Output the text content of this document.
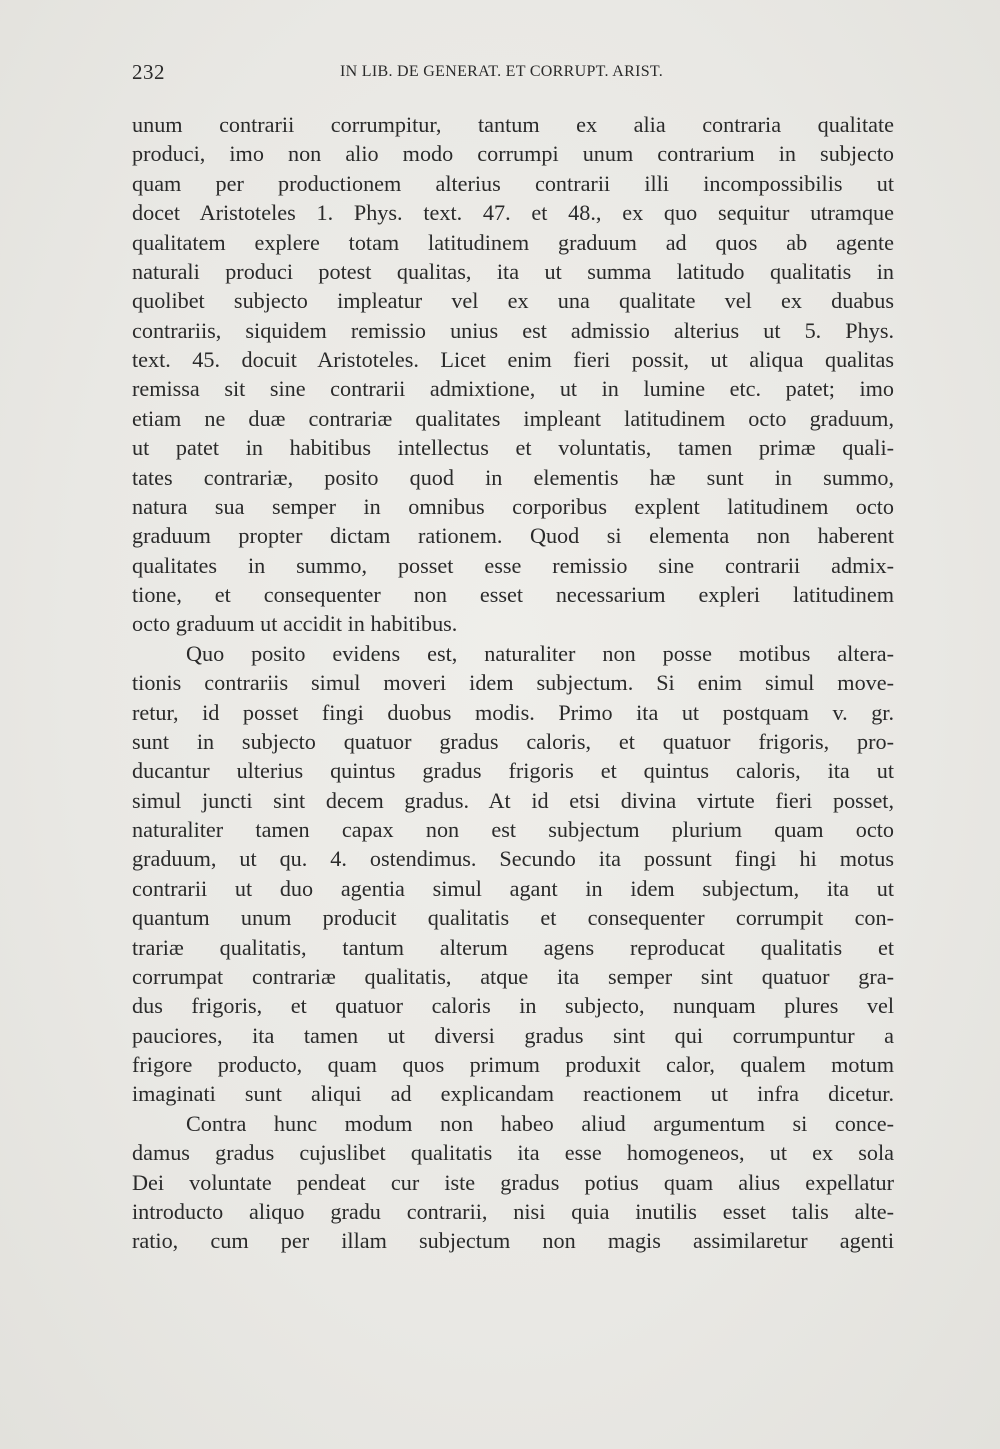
232	IN LIB. DE GENERAT. ET CORRUPT. ARIST.
unum contrarii corrumpitur, tantum ex alia contraria qualitate
produci, imo non alio modo corrumpi unum contrarium in subjecto
quam per productionem alterius contrarii illi incompossibilis ut
docet Aristoteles 1. Phys. text. 47. et 48., ex quo sequitur utramque
qualitatem explere totam latitudinem graduum ad quos ab agente
naturali produci potest qualitas, ita ut summa latitudo qualitatis in
quolibet subjecto impleatur vel ex una qualitate vel ex duabus
contrariis, siquidem remissio unius est admissio alterius ut 5. Phys.
text. 45. docuit Aristoteles. Licet enim fieri possit, ut aliqua qualitas
remissa sit sine contrarii admixtione, ut in lumine etc. patet; imo
etiam ne duæ contrariæ qualitates impleant latitudinem octo graduum,
ut patet in habitibus intellectus et voluntatis, tamen primæ quali-
tates contrariæ, posito quod in elementis hæ sunt in summo,
natura sua semper in omnibus corporibus explent latitudinem octo
graduum propter dictam rationem. Quod si elementa non haberent
qualitates in summo, posset esse remissio sine contrarii admix-
tione, et consequenter non esset necessarium expleri latitudinem
octo graduum ut accidit in habitibus.
Quo posito evidens est, naturaliter non posse motibus altera-
tionis contrariis simul moveri idem subjectum. Si enim simul move-
retur, id posset fingi duobus modis. Primo ita ut postquam v. gr.
sunt in subjecto quatuor gradus caloris, et quatuor frigoris, pro-
ducantur ulterius quintus gradus frigoris et quintus caloris, ita ut
simul juncti sint decem gradus. At id etsi divina virtute fieri posset,
naturaliter tamen capax non est subjectum plurium quam octo
graduum, ut qu. 4. ostendimus. Secundo ita possunt fingi hi motus
contrarii ut duo agentia simul agant in idem subjectum, ita ut
quantum unum producit qualitatis et consequenter corrumpit con-
trariæ qualitatis, tantum alterum agens reproducat qualitatis et
corrumpat contrariæ qualitatis, atque ita semper sint quatuor gra-
dus frigoris, et quatuor caloris in subjecto, nunquam plures vel
pauciores, ita tamen ut diversi gradus sint qui corrumpuntur a
frigore producto, quam quos primum produxit calor, qualem motum
imaginati sunt aliqui ad explicandam reactionem ut infra dicetur.
Contra hunc modum non habeo aliud argumentum si conce-
damus gradus cujuslibet qualitatis ita esse homogeneos, ut ex sola
Dei voluntate pendeat cur iste gradus potius quam alius expellatur
introducto aliquo gradu contrarii, nisi quia inutilis esset talis alte-
ratio, cum per illam subjectum non magis assimilaretur agenti
